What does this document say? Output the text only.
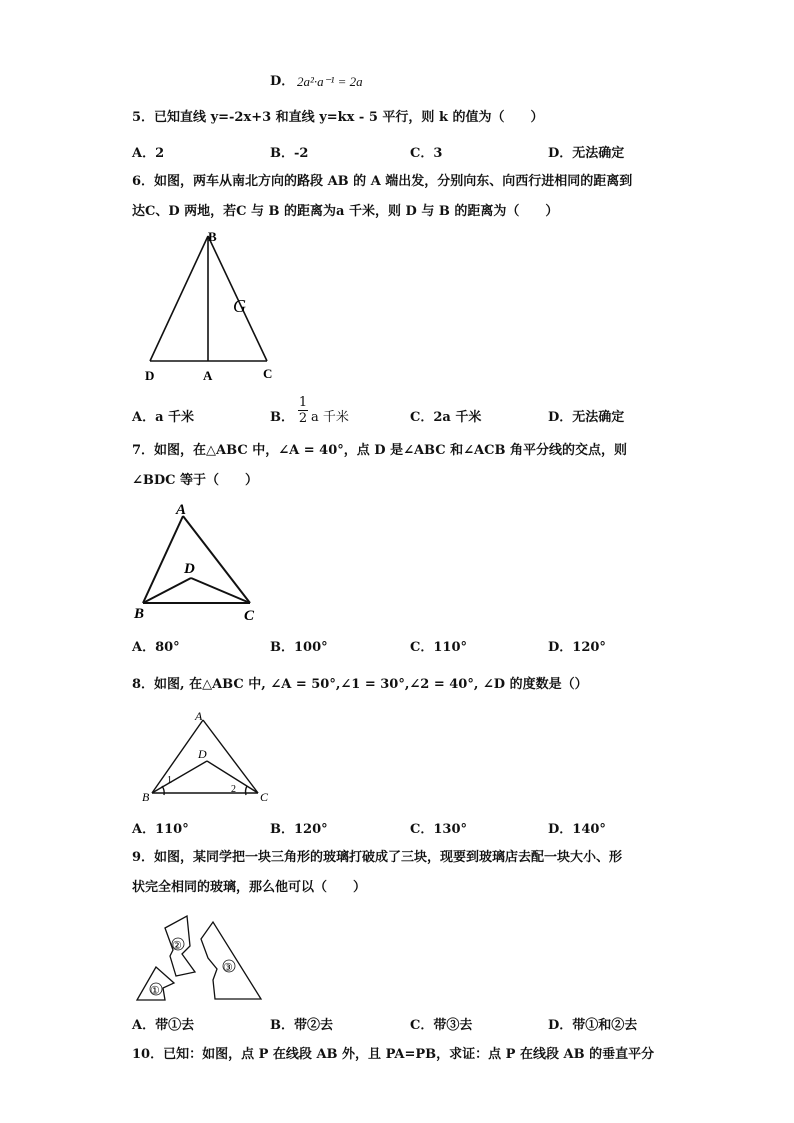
D． 2a²·a⁻¹ = 2a
5．已知直线 y=-2x+3 和直线 y=kx - 5 平行，则 k 的值为（　　）
A．2	B．-2	C．3	D．无法确定
6．如图，两车从南北方向的路段 AB 的 A 端出发，分别向东、向西行进相同的距离到
达C、D 两地，若C 与 B 的距离为a 千米，则 D 与 B 的距离为（　　）
B
D	A	C
G
A．a 千米	B． $\frac{1}{2}$ a 千米	C．2a 千米	D．无法确定
7．如图，在△ABC 中，∠A = 40°，点 D 是∠ABC 和∠ACB 角平分线的交点，则
∠BDC 等于（　　）
A
B	C
D
A．80°	B．100°	C．110°	D．120°
8．如图, 在△ABC 中, ∠A = 50°,∠1 = 30°,∠2 = 40°, ∠D 的度数是（）
A
B	C
D
1
2
A．110°	B．120°	C．130°	D．140°
9．如图，某同学把一块三角形的玻璃打破成了三块，现要到玻璃店去配一块大小、形
状完全相同的玻璃，那么他可以（　　）
①
②
③
A．带①去	B．带②去	C．带③去	D．带①和②去
10．已知：如图，点 P 在线段 AB 外，且 PA=PB，求证：点 P 在线段 AB 的垂直平分
